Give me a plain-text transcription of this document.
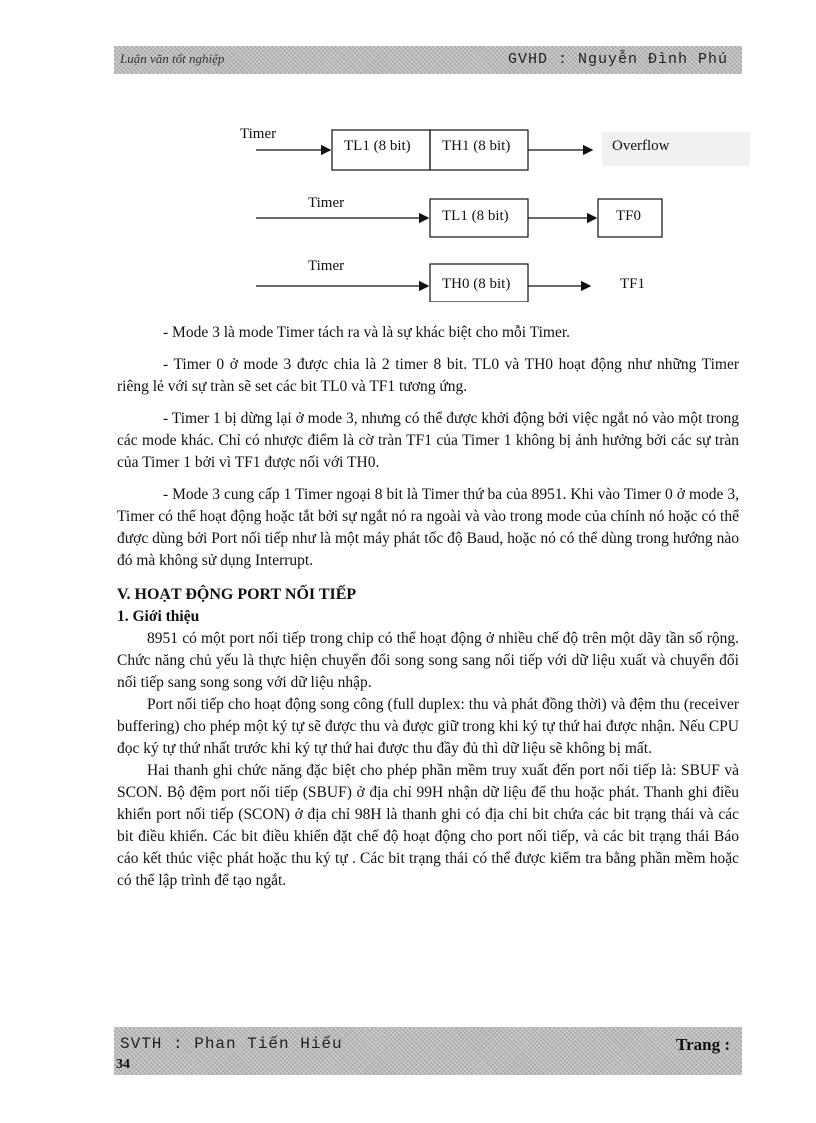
Luận văn tốt nghiệp	GVHD : Nguyễn Đình Phú
Timer
TL1 (8 bit) TH1 (8 bit)	Overflow
Timer
TL1 (8 bit)	TF0
Timer
TH0 (8 bit)	TF1

- Mode 3 là mode Timer tách ra và là sự khác biệt cho mỗi Timer.

- Timer 0 ở mode 3 được chia là 2 timer 8 bit. TL0 và TH0 hoạt động như những Timer riêng lẻ với sự tràn sẽ set các bit TL0 và TF1 tương ứng.

- Timer 1 bị dừng lại ở mode 3, nhưng có thể được khởi động bởi việc ngắt nó vào một trong các mode khác. Chỉ có nhược điểm là cờ tràn TF1 của Timer 1 không bị ảnh hưởng bởi các sự tràn của Timer 1 bởi vì TF1 được nối với TH0.

- Mode 3 cung cấp 1 Timer ngoại 8 bit là Timer thứ ba của 8951. Khi vào Timer 0 ở mode 3, Timer có thể hoạt động hoặc tắt bởi sự ngắt nó ra ngoài và vào trong mode của chính nó hoặc có thể được dùng bởi Port nối tiếp như là một máy phát tốc độ Baud, hoặc nó có thể dùng trong hướng nào đó mà không sử dụng Interrupt.

V. HOẠT ĐỘNG PORT NỐI TIẾP
1. Giới thiệu

8951 có một port nối tiếp trong chip có thể hoạt động ở nhiều chế độ trên một dãy tần số rộng. Chức năng chủ yếu là thực hiện chuyển đổi song song sang nối tiếp với dữ liệu xuất và chuyển đổi nối tiếp sang song song với dữ liệu nhập.

Port nối tiếp cho hoạt động song công (full duplex: thu và phát đồng thời) và đệm thu (receiver buffering) cho phép một ký tự sẽ được thu và được giữ trong khi ký tự thứ hai được nhận. Nếu CPU đọc ký tự thứ nhất trước khi ký tự thứ hai được thu đầy đủ thì dữ liệu sẽ không bị mất.

Hai thanh ghi chức năng đặc biệt cho phép phần mềm truy xuất đến port nối tiếp là: SBUF và SCON. Bộ đệm port nối tiếp (SBUF) ở địa chỉ 99H nhận dữ liệu để thu hoặc phát. Thanh ghi điều khiển port nối tiếp (SCON) ở địa chỉ 98H là thanh ghi có địa chỉ bit chứa các bit trạng thái và các bit điều khiển. Các bit điều khiển đặt chế độ hoạt động cho port nối tiếp, và các bit trạng thái Báo cáo kết thúc việc phát hoặc thu ký tự . Các bit trạng thái có thể được kiểm tra bằng phần mềm hoặc có thể lập trình để tạo ngắt.

SVTH : Phan Tiến Hiếu	Trang :
34
